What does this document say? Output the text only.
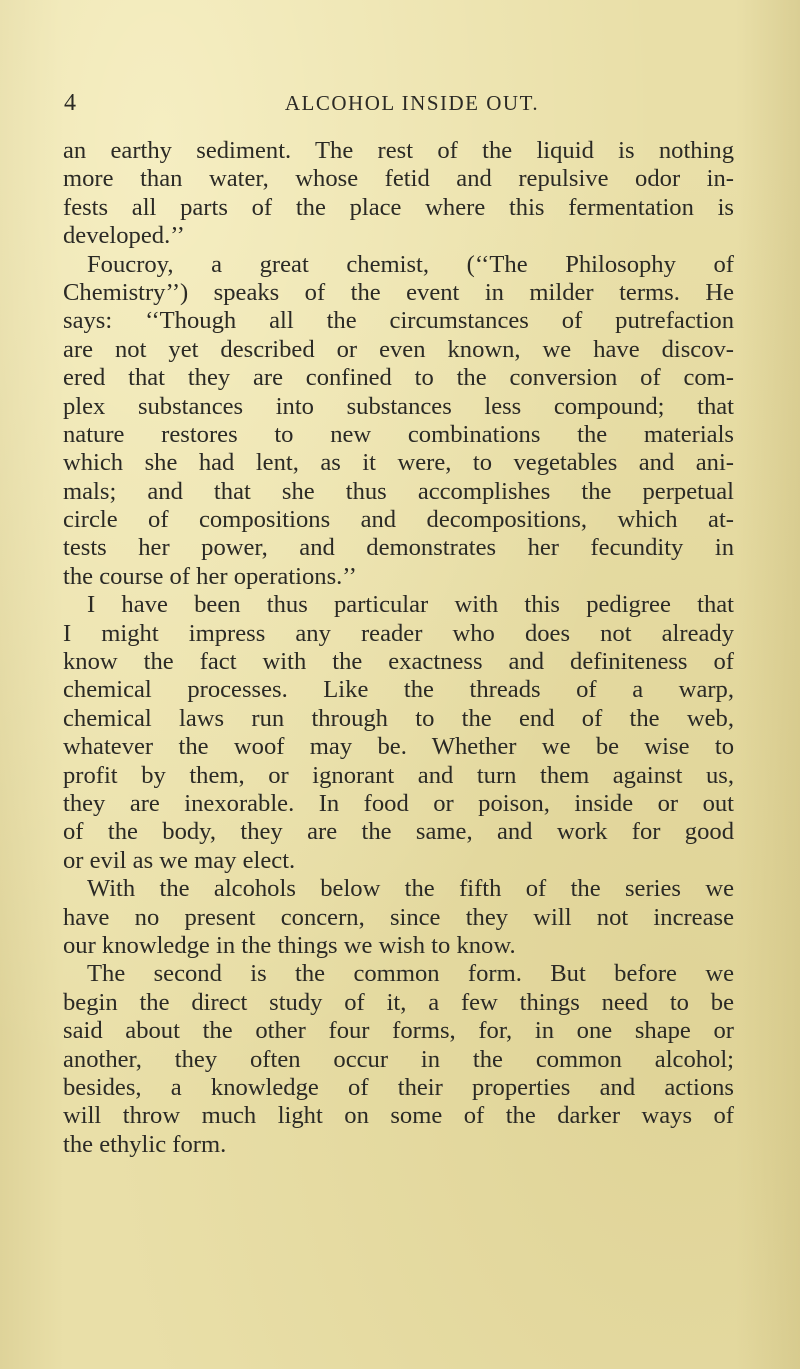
4	ALCOHOL INSIDE OUT.
an earthy sediment. The rest of the liquid is nothing
more than water, whose fetid and repulsive odor in-
fests all parts of the place where this fermentation is
developed.’’
Foucroy, a great chemist, (‘‘The Philosophy of
Chemistry’’) speaks of the event in milder terms. He
says: ‘‘Though all the circumstances of putrefaction
are not yet described or even known, we have discov-
ered that they are confined to the conversion of com-
plex substances into substances less compound; that
nature restores to new combinations the materials
which she had lent, as it were, to vegetables and ani-
mals; and that she thus accomplishes the perpetual
circle of compositions and decompositions, which at-
tests her power, and demonstrates her fecundity in
the course of her operations.’’
I have been thus particular with this pedigree that
I might impress any reader who does not already
know the fact with the exactness and definiteness of
chemical processes. Like the threads of a warp,
chemical laws run through to the end of the web,
whatever the woof may be. Whether we be wise to
profit by them, or ignorant and turn them against us,
they are inexorable. In food or poison, inside or out
of the body, they are the same, and work for good
or evil as we may elect.
With the alcohols below the fifth of the series we
have no present concern, since they will not increase
our knowledge in the things we wish to know.
The second is the common form. But before we
begin the direct study of it, a few things need to be
said about the other four forms, for, in one shape or
another, they often occur in the common alcohol;
besides, a knowledge of their properties and actions
will throw much light on some of the darker ways of
the ethylic form.
